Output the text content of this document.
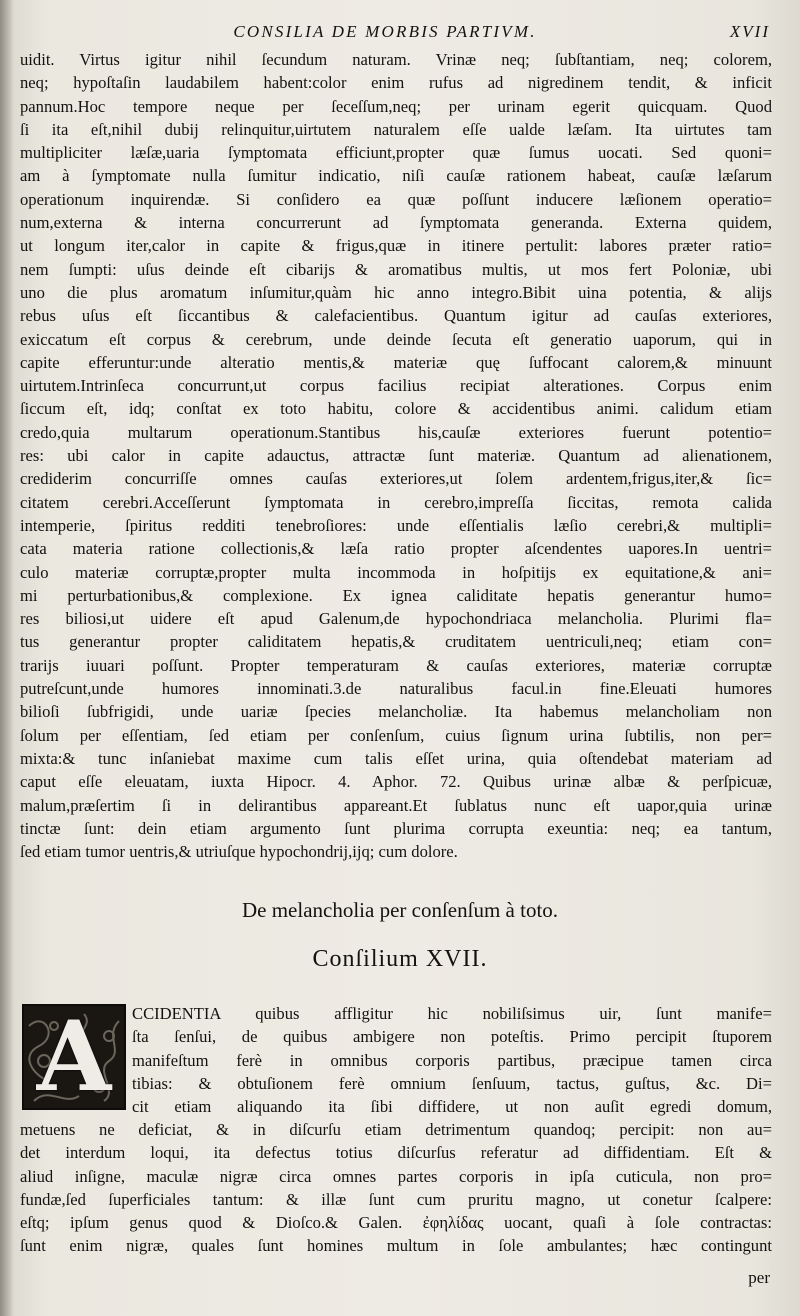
CONSILIA DE MORBIS PARTIVM.	XVII
uidit. Virtus igitur nihil ſecundum naturam. Vrinæ neq; ſubſtantiam, neq; colorem,
neq; hypoſtaſin laudabilem habent:color enim rufus ad nigredinem tendit, & inficit
pannum.Hoc tempore neque per ſeceſſum,neq; per urinam egerit quicquam. Quod
ſi ita eſt,nihil dubij relinquitur,uirtutem naturalem eſſe ualde læſam. Ita uirtutes tam
multipliciter læſæ,uaria ſymptomata efficiunt,propter quæ ſumus uocati. Sed quoni=
am à ſymptomate nulla ſumitur indicatio, niſi cauſæ rationem habeat, cauſæ læſarum
operationum inquirendæ. Si conſidero ea quæ poſſunt inducere læſionem operatio=
num,externa & interna concurrerunt ad ſymptomata generanda. Externa quidem,
ut longum iter,calor in capite & frigus,quæ in itinere pertulit: labores præter ratio=
nem ſumpti: uſus deinde eſt cibarijs & aromatibus multis, ut mos fert Poloniæ, ubi
uno die plus aromatum inſumitur,quàm hic anno integro.Bibit uina potentia, & alijs
rebus uſus eſt ſiccantibus & calefacientibus. Quantum igitur ad cauſas exteriores,
exiccatum eſt corpus & cerebrum, unde deinde ſecuta eſt generatio uaporum, qui in
capite efferuntur:unde alteratio mentis,& materiæ quę ſuffocant calorem,& minuunt
uirtutem.Intrinſeca concurrunt,ut corpus facilius recipiat alterationes. Corpus enim
ſiccum eſt, idq; conſtat ex toto habitu, colore & accidentibus animi. calidum etiam
credo,quia multarum operationum.Stantibus his,cauſæ exteriores fuerunt potentio=
res: ubi calor in capite adauctus, attractæ ſunt materiæ. Quantum ad alienationem,
crediderim concurriſſe omnes cauſas exteriores,ut ſolem ardentem,frigus,iter,& ſic=
citatem cerebri.Acceſſerunt ſymptomata in cerebro,impreſſa ſiccitas, remota calida
intemperie, ſpiritus redditi tenebroſiores: unde eſſentialis læſio cerebri,& multipli=
cata materia ratione collectionis,& læſa ratio propter aſcendentes uapores.In uentri=
culo materiæ corruptæ,propter multa incommoda in hoſpitijs ex equitatione,& ani=
mi perturbationibus,& complexione. Ex ignea caliditate hepatis generantur humo=
res biliosi,ut uidere eſt apud Galenum,de hypochondriaca melancholia. Plurimi fla=
tus generantur propter caliditatem hepatis,& cruditatem uentriculi,neq; etiam con=
trarijs iuuari poſſunt. Propter temperaturam & cauſas exteriores, materiæ corruptæ
putreſcunt,unde humores innominati.3.de naturalibus facul.in fine.Eleuati humores
bilioſi ſubfrigidi, unde uariæ ſpecies melancholiæ. Ita habemus melancholiam non
ſolum per eſſentiam, ſed etiam per conſenſum, cuius ſignum urina ſubtilis, non per=
mixta:& tunc inſaniebat maxime cum talis eſſet urina, quia oſtendebat materiam ad
caput eſſe eleuatam, iuxta Hipocr. 4. Aphor. 72. Quibus urinæ albæ & perſpicuæ,
malum,præſertim ſi in delirantibus appareant.Et ſublatus nunc eſt uapor,quia urinæ
tinctæ ſunt: dein etiam argumento ſunt plurima corrupta exeuntia: neq; ea tantum,
ſed etiam tumor uentris,& utriuſque hypochondrij,ijq; cum dolore.
De melancholia per conſenſum à toto.
Conſilium XVII.
A CCIDENTIA quibus affligitur hic nobiliſsimus uir, ſunt manife=
ſta ſenſui, de quibus ambigere non poteſtis. Primo percipit ſtuporem
manifeſtum ferè in omnibus corporis partibus, præcipue tamen circa
tibias: & obtuſionem ferè omnium ſenſuum, tactus, guſtus, &c. Di=
cit etiam aliquando ita ſibi diffidere, ut non auſit egredi domum,
metuens ne deficiat, & in diſcurſu etiam detrimentum quandoq; percipit: non au=
det interdum loqui, ita defectus totius diſcurſus referatur ad diffidentiam. Eſt &
aliud inſigne, maculæ nigræ circa omnes partes corporis in ipſa cuticula, non pro=
fundæ,ſed ſuperficiales tantum: & illæ ſunt cum pruritu magno, ut conetur ſcalpere:
eſtq; ipſum genus quod & Dioſco.& Galen. ἐφηλίδας uocant, quaſi à ſole contractas:
ſunt enim nigræ, quales ſunt homines multum in ſole ambulantes; hæc contingunt
per
